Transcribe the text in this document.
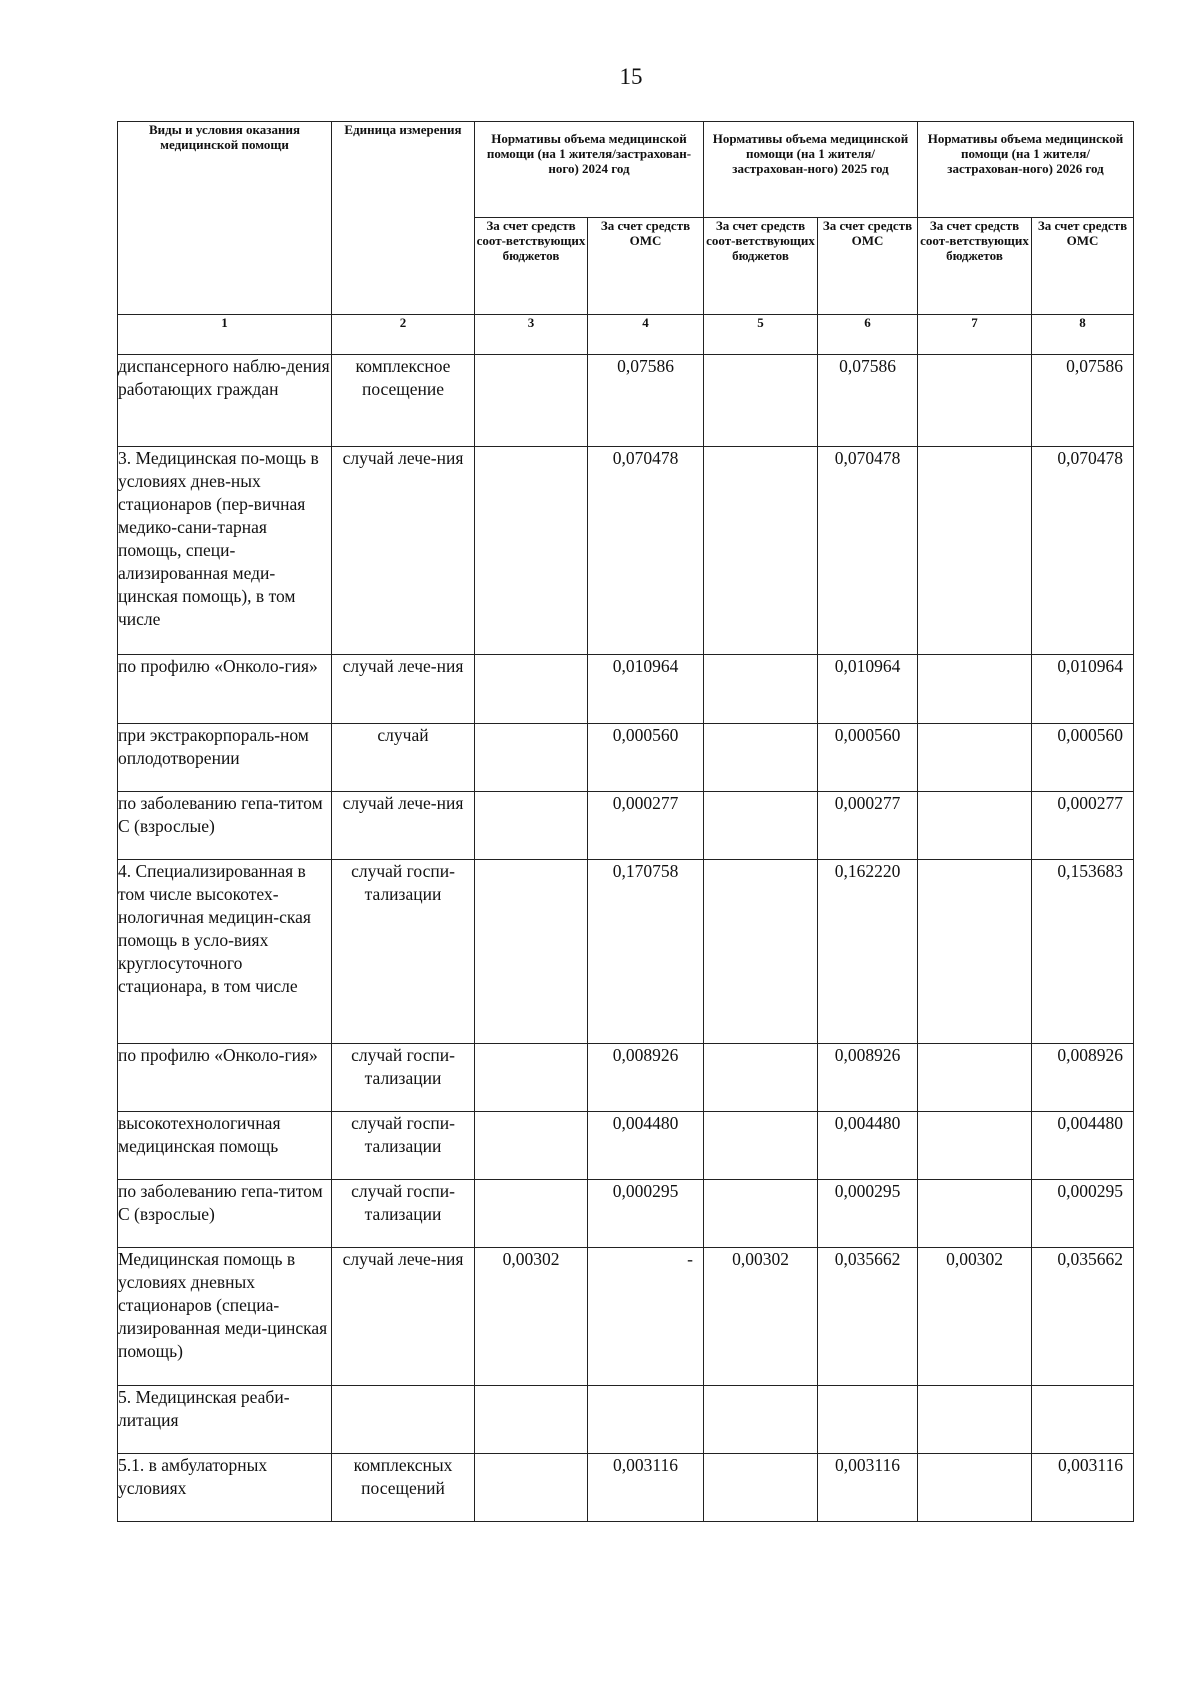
15
Виды и условия оказания медицинской помощи	Единица измерения	Нормативы объема медицинской помощи (на 1 жителя/застрахован-ного) 2024 год		Нормативы объема медицинской помощи (на 1 жителя/застрахован-ного) 2025 год		Нормативы объема медицинской помощи (на 1 жителя/застрахован-ного) 2026 год	
		За счет средств соот-ветствующих бюджетов	За счет средств ОМС	За счет средств соот-ветствующих бюджетов	За счет средств ОМС	За счет средств соот-ветствующих бюджетов	За счет средств ОМС
1	2	3	4	5	6	7	8
диспансерного наблю-дения работающих граждан	комплексное посещение		0,07586		0,07586		0,07586
3. Медицинская по-мощь в условиях днев-ных стационаров (пер-вичная медико-сани-тарная помощь, специ-ализированная меди-цинская помощь), в том числе	случай лече-ния		0,070478		0,070478		0,070478
по профилю «Онколо-гия»	случай лече-ния		0,010964		0,010964		0,010964
при экстракорпораль-ном оплодотворении	случай		0,000560		0,000560		0,000560
по заболеванию гепа-титом С (взрослые)	случай лече-ния		0,000277		0,000277		0,000277
4. Специализированная в том числе высокотех-нологичная медицин-ская помощь в усло-виях круглосуточного стационара, в том числе	случай госпи-тализации		0,170758		0,162220		0,153683
по профилю «Онколо-гия»	случай госпи-тализации		0,008926		0,008926		0,008926
высокотехнологичная медицинская помощь	случай госпи-тализации		0,004480		0,004480		0,004480
по заболеванию гепа-титом С (взрослые)	случай госпи-тализации		0,000295		0,000295		0,000295
Медицинская помощь в условиях дневных стационаров (специа-лизированная меди-цинская помощь)	случай лече-ния	0,00302	-	0,00302	0,035662	0,00302	0,035662
5. Медицинская реаби-литация							
5.1. в амбулаторных условиях	комплексных посещений		0,003116		0,003116		0,003116
